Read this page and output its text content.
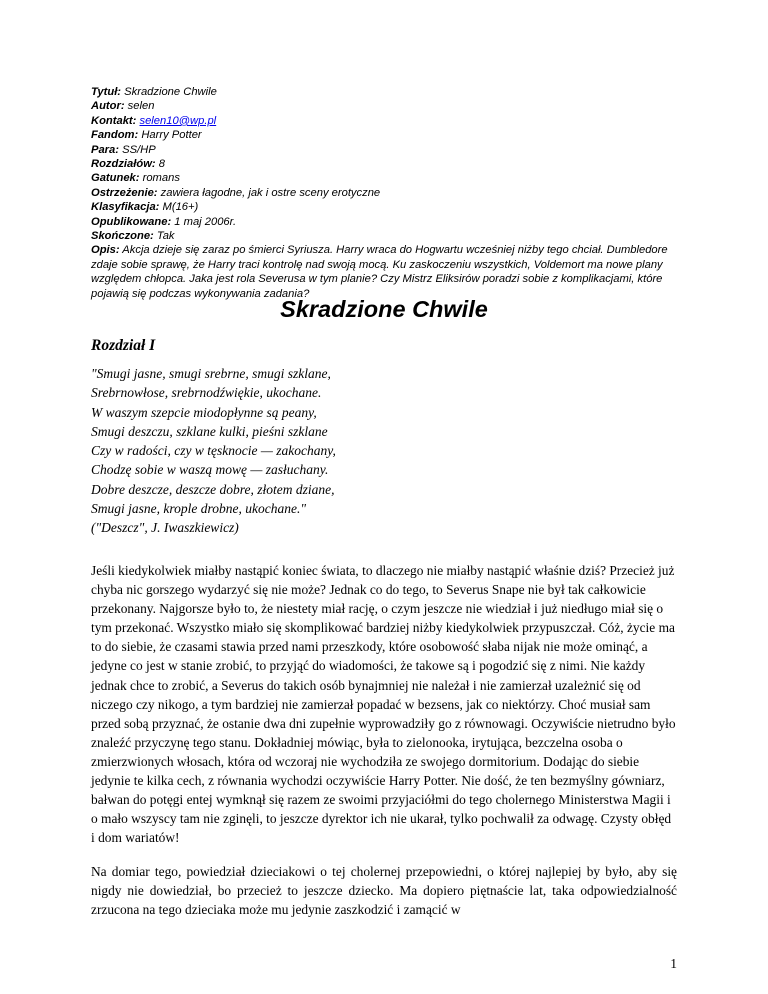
Tytuł: Skradzione Chwile

Autor: selen

Kontakt: selen10@wp.pl

Fandom: Harry Potter

Para: SS/HP

Rozdziałów: 8

Gatunek: romans

Ostrzeżenie: zawiera łagodne, jak i ostre sceny erotyczne

Klasyfikacja: M(16+)

Opublikowane: 1 maj 2006r.

Skończone: Tak

Opis: Akcja dzieje się zaraz po śmierci Syriusza. Harry wraca do Hogwartu wcześniej niżby tego chciał. Dumbledore zdaje sobie sprawę, że Harry traci kontrolę nad swoją mocą. Ku zaskoczeniu wszystkich, Voldemort ma nowe plany względem chłopca. Jaka jest rola Severusa w tym planie? Czy Mistrz Eliksirów poradzi sobie z komplikacjami, które pojawią się podczas wykonywania zadania?

Skradzione Chwile
Rozdział I

"Smugi jasne, smugi srebrne, smugi szklane,

Srebrnowłose, srebrnodźwiękie, ukochane.

W waszym szepcie miodopłynne są peany,

Smugi deszczu, szklane kulki, pieśni szklane

Czy w radości, czy w tęsknocie — zakochany,

Chodzę sobie w waszą mowę — zasłuchany.

Dobre deszcze, deszcze dobre, złotem dziane,

Smugi jasne, krople drobne, ukochane."

("Deszcz", J. Iwaszkiewicz)

Jeśli kiedykolwiek miałby nastąpić koniec świata, to dlaczego nie miałby nastąpić właśnie dziś? Przecież już chyba nic gorszego wydarzyć się nie może? Jednak co do tego, to Severus Snape nie był tak całkowicie przekonany. Najgorsze było to, że niestety miał rację, o czym jeszcze nie wiedział i już niedługo miał się o tym przekonać. Wszystko miało się skomplikować bardziej niżby kiedykolwiek przypuszczał. Cóż, życie ma to do siebie, że czasami stawia przed nami przeszkody, które osobowość słaba nijak nie może ominąć, a jedyne co jest w stanie zrobić, to przyjąć do wiadomości, że takowe są i pogodzić się z nimi. Nie każdy jednak chce to zrobić, a Severus do takich osób bynajmniej nie należał i nie zamierzał uzależnić się od niczego czy nikogo, a tym bardziej nie zamierzał popadać w bezsens, jak co niektórzy. Choć musiał sam przed sobą przyznać, że ostanie dwa dni zupełnie wyprowadziły go z równowagi. Oczywiście nietrudno było znaleźć przyczynę tego stanu. Dokładniej mówiąc, była to zielonooka, irytująca, bezczelna osoba o zmierzwionych włosach, która od wczoraj nie wychodziła ze swojego dormitorium. Dodając do siebie jedynie te kilka cech, z równania wychodzi oczywiście Harry Potter. Nie dość, że ten bezmyślny gówniarz, bałwan do potęgi entej wymknął się razem ze swoimi przyjaciółmi do tego cholernego Ministerstwa Magii i o mało wszyscy tam nie zginęli, to jeszcze dyrektor ich nie ukarał, tylko pochwalił za odwagę. Czysty obłęd i dom wariatów!

Na domiar tego, powiedział dzieciakowi o tej cholernej przepowiedni, o której najlepiej by było, aby się nigdy nie dowiedział, bo przecież to jeszcze dziecko. Ma dopiero piętnaście lat, taka odpowiedzialność zrzucona na tego dzieciaka może mu jedynie zaszkodzić i zamącić w

1
